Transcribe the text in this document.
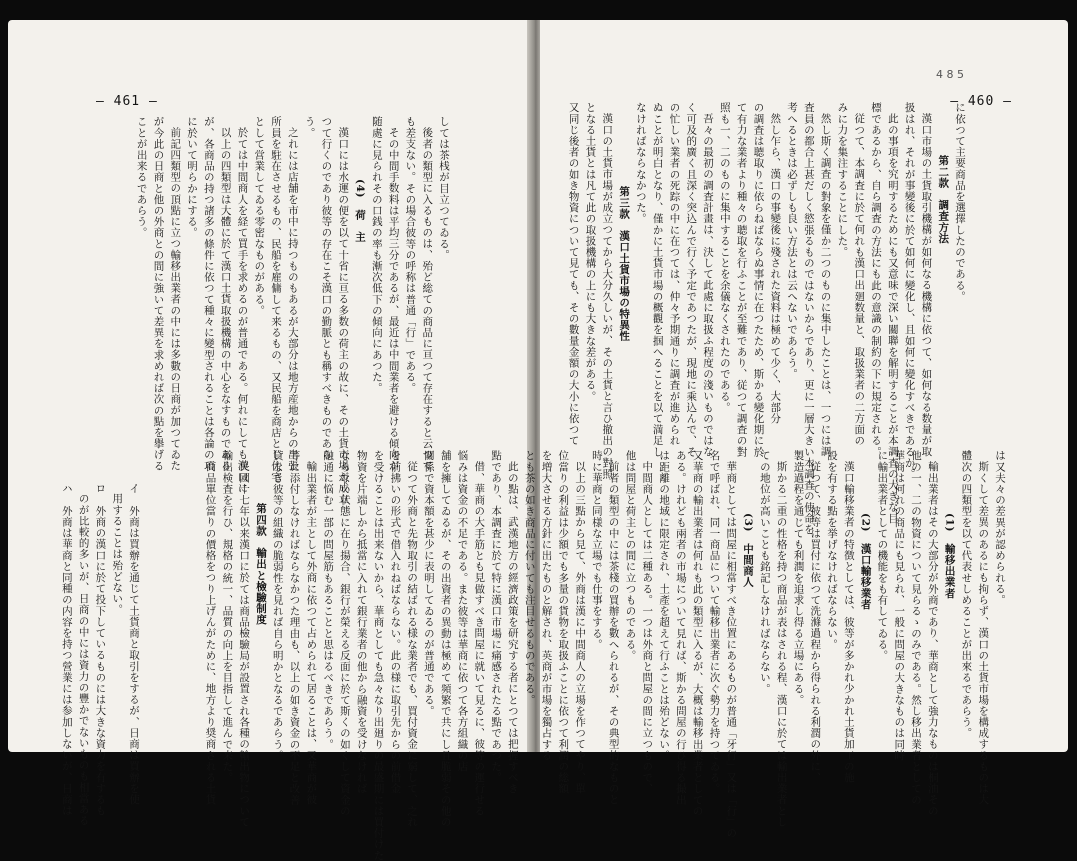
— 461 —
しては茶桟が目立つてゐる。
後者の類型に入るものは、殆ど総ての商品に亘つて存在すると云つて
も差支ない。その場合彼等の呼称は普通「行」である。
その中間手数料は平均三分であるが、最近は中間業者を避ける傾向が
随處に見られその口銭の率も漸次低下の傾向にあつた。
(4)　荷　主
漢口には水運の便を以て十省に亘る多数の荷主の故に、その土貨市場が成立
つて行くのであり彼等の存在こそ漢口の勤脈とも稱すべきものであら
う。
之れには店舗を市中に持つものもあるが大部分は地方産地からの出張
所員を駐在させるもの、民船を雇傭して来るもの、又民船を商店とし住宅
として営業してゐる零密なものがある。
於ては中間商人を経て買手を求めるのが普通である。何れにしても漢口に
以上の四類型は大體に於て漢口土貨取扱機構の中心をなすものである
が、各商品の持つ諸多の條件に依つて種々に變型されることは各論の項
に於いて明らかにする。
前記四類型の頂點に立つ輸移出業者の中には多數の日商が加つてゐた
が今此の日商と他の外商との間に強いて差異を求めれば次の點を擧げる
ことが出来るであらう。
イ　外商は買辦を通じて土貨商と取引をするが、日商は買辦を使
用することは殆どない。
ロ　外商の漢口に於て投下しているものには大きな資力を有するも
のが比較的多いが、日商の中には資力の豐かでないものも相當ある
ハ　外商は華商と同種の内容を持つ營業には参加しないが、日商は
— 460 —
4 8 5
に依つて主要商品を選擇したのである。
第二款　調査方法
漢口市場の土貨取引機構が如何なる機構に依つて、如何なる数量が取
扱はれ、それが事變後に於て如何に變化し、且如何に變化すべきであるか。
此の事項を究明するためにも又意味で深い關聯を解明することが本調査の大きな目
標であるから、自ら調査の方法にも此の意識の制約の下に規定される。
従つて、本調査に於て何れも漢口出廻数量と、取扱業者の二方面の
みに力を集注することにした。
然し斯く調査の對象を僅か二つのものに集中したことは、一つには調
査員の都合上甚だしく慾張るものではないからであり、更に一層大きい本調査の使命を
考へるときは必ずしも良い方法とは云へないであらう。
然し乍ら、漢口の事變後に殘された資料は極めて少く、大部分
の調査は聴取りに依らねばならぬ事情に在つたため、斯かる變化期に於
て有力な業者より種々の聴取を行ふことが至難であり、従つて調査の對
照も一、二のものに集中することを余儀なくされたのである。
吾々の最初の調査計畫は、決して此處に取扱ふ程度の淺いものではな
く可及的廣く且深く突込んで行く予定であつたが、現地に乘込んで、そ
の忙しい業者の死踪の中に在つては、仲々予期通りに調査が進められ
ぬことが明白となり、僅かに土貨市場の概觀を掴へることを以て満足し
なければならなかつた。
第三款　漢口土貨市場の特異性
漢口の土貨市場が成立つてから大分久しいが、その土貨と言ひ撤出の對照
となる土貨とは凡て此の取扱機構の上にも大きな差がある。
又同じ後者の如き物資について見ても、その數量金額の大小に依つて
は又夫々の差異が認められる。
斯くして差異のあるにも拘らず、漢口の土貨市場を構成するものは大
體次の四類型を以て代表せしめることが出來るであらう。
(1)　輸移出業者
輸出業者はその大部分が外商であり、華商として強力なものは桐油その
他の一、二の物資について見らるゝのみである。然し移出業者としての
華商は何れの商品にも見られ、一般に問屋の大きなものは同時
に輸出業者としての機能をも有してゐる。
(2)　漢口輸移業者
漢口輸移業者の特徴としては、彼等が多かれ少かれ土貨加工の施
設を有する點を挙げなければならない。
従つて、彼等は買付に依つて洗滌過程から得られる利潤の外に、
製造過程を通じても利潤を追求し得る立場にある。
斯かる二重の性格を持つ商品が表はされる程、漢口に於ては輸出業者とし
ての地位が高いことも銘記しなければならない。
(3)　中間商人
華商としては問屋に相當すべき位置にあるものが普通「牙行」又は「行」の
名で呼ばれ、同一商品について輸移出業者に次ぐ勢力を持つてゐる。
又華商の輸出業者は何れも此の類型に入るが、大概は輸移出業者としての
ある。けれども兩者の市場について見れば、斯かる問屋の行ひ得る撮出
は距離の地域に限定され、土產を超えて行ふことは殆どない。
中間商人としては二種ある。一つは外商と問屋の間に立つもので、
他は問屋と荷主との間に立つものである。
前者の類型の中には茶棧の買辦を數へられるが、その典型的なものと
時に華商と同様な立場でも仕事をする。
以上の三點から見て、外商は漢に中間商人の立場を作つてやり、單
位當りの利益は少額でも多量の貨物を取扱ふことに依つて利潤の総額
を増大させる方針に出たものと解され、英商が市場を獨占する
とも茶の如き商品に付いても注目せるものである。
此の點は、武漢地方の經濟政策を研究する者にとつては把握すべき
點であり、本調査に於て特に漢口市場に痛感されたる點であつた。
借、華商の大手筋とも見做すべき問屋に就いて見るに、彼等の運行せる
悩みは資金の不足である。また彼等は華商に依つて各方組織の店
舗を擁してゐるが、その出資者の異動は極めて頻繁で共にし且脆弱その他の
關係で資本額を甚少に表明してゐるのが普通である。
従つて外商と先物取引の結ばれる様な業者でも、買付資金に窮して、之れ
を前拂いの形式で借入れねばならない。此の様に取引先からの前借金
を受けることは出来ないから、華商としても急々なり出廻りの最盛期には買付けた
物資を片端しから抵當に入れて銀行業者の他から融資を受けなければ
ならない状態に在り揚合、銀行が榮える反面に於て斯くの如くして資金の
融通に悩む一部の問屋筋もあることと思はるべきであらう。
輸出業者が主として外商に依つて占められて居ることは、又華商が彼
等に添付しなければならなかつた理由も、以上の如き資金の不足と改善
貸なき彼等の組織の脆弱性を見れば自ら明かとなるであらう。
第四款　輸出と檢驗制度
民國十七年以来漢口に於ては商品檢驗局が設置され各種の輸出物について
輸出検査を行ひ、規格の統一、品質の向上を目指して進んで来た。
商品單位當りの價格をつり上げんがために、地方より奨商される土貨
